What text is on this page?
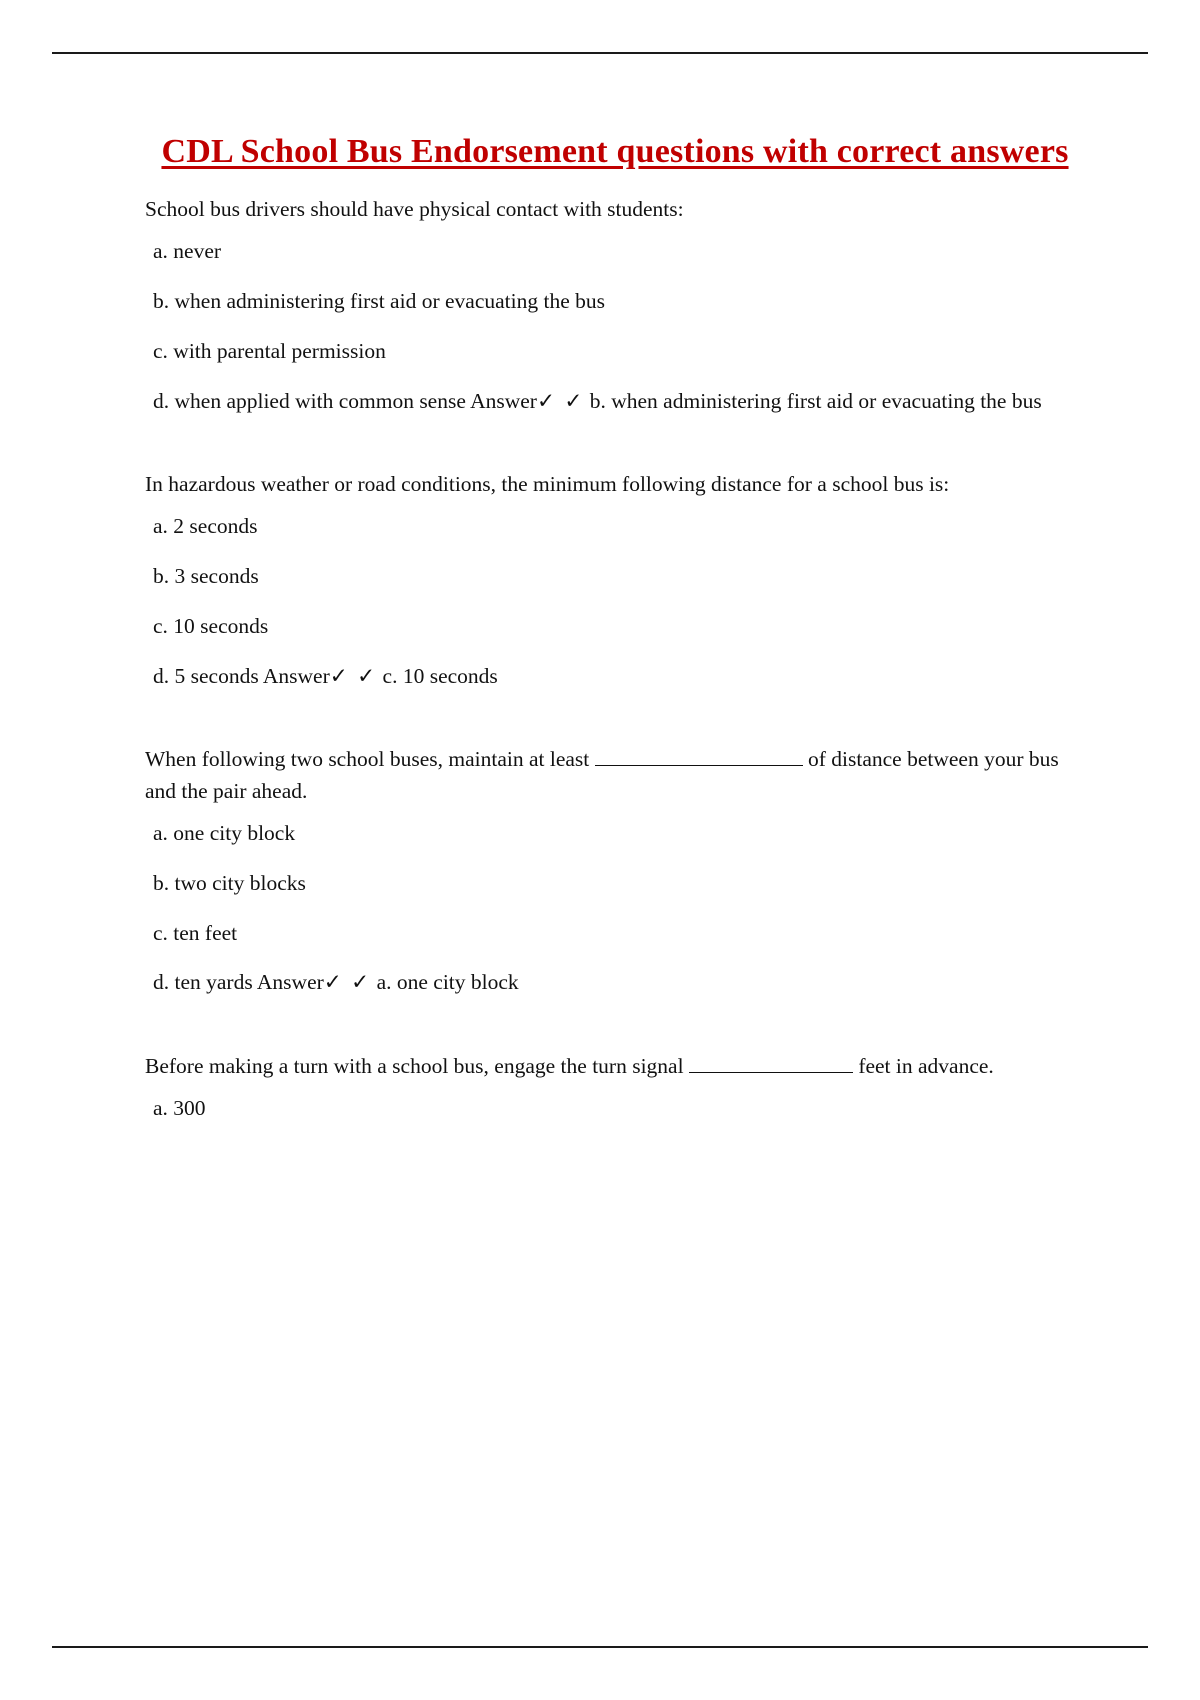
CDL School Bus Endorsement questions with correct answers

School bus drivers should have physical contact with students:

a. never
b. when administering first aid or evacuating the bus
c. with parental permission
d. when applied with common sense Answer✓ ✓ b. when administering first aid or evacuating the bus

In hazardous weather or road conditions, the minimum following distance for a school bus is:

a. 2 seconds
b. 3 seconds
c. 10 seconds
d. 5 seconds Answer✓ ✓ c. 10 seconds

When following two school buses, maintain at least	of distance between your bus and the pair ahead.

a. one city block
b. two city blocks
c. ten feet
d. ten yards Answer✓ ✓ a. one city block

Before making a turn with a school bus, engage the turn signal	feet in advance.

a. 300
